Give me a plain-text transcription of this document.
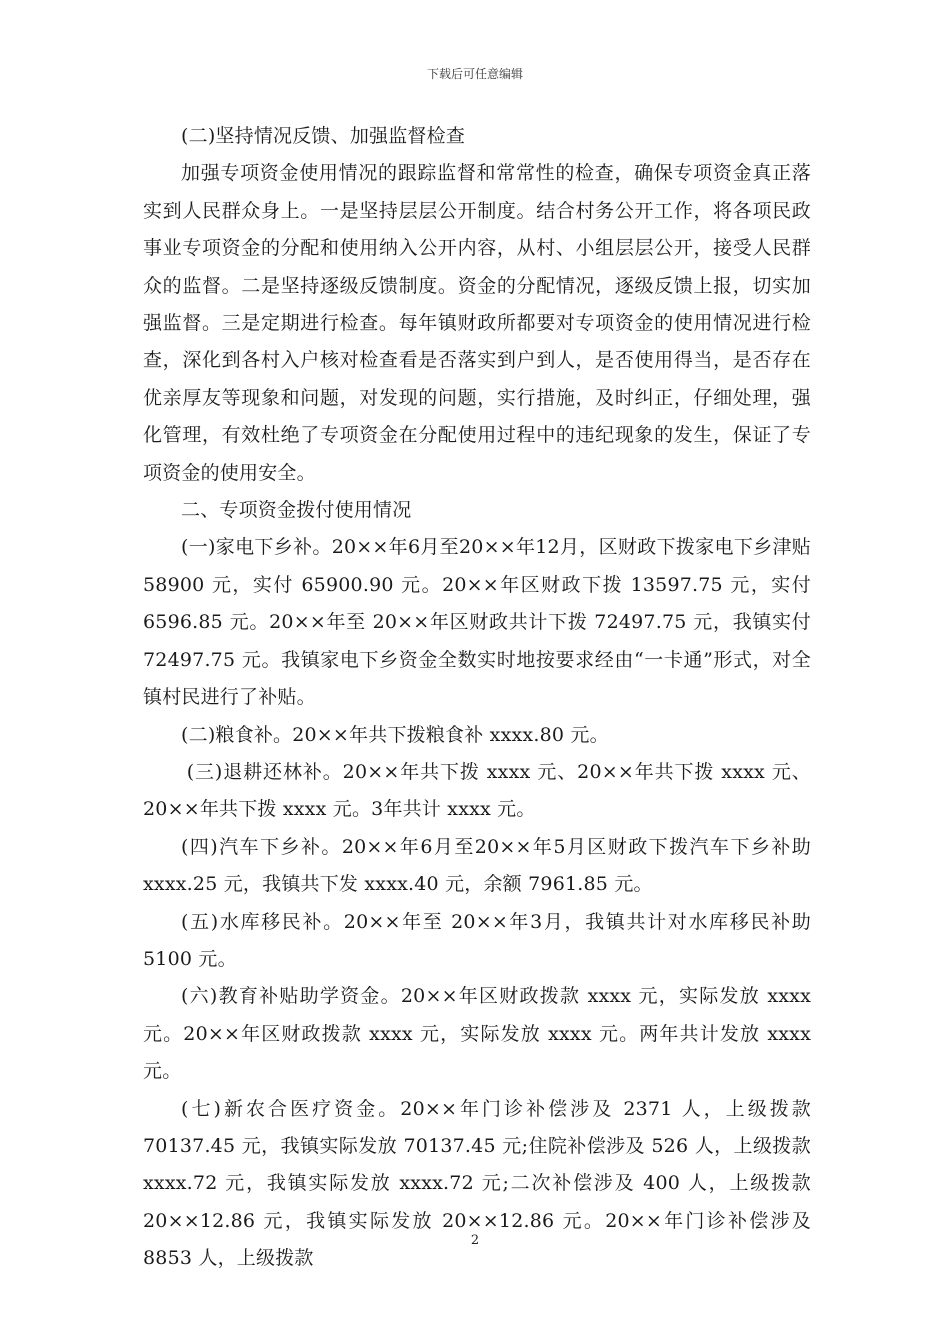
下载后可任意编辑

(二)坚持情况反馈、加强监督检查

加强专项资金使用情况的跟踪监督和常常性的检查，确保专项资金真正落实到人民群众身上。一是坚持层层公开制度。结合村务公开工作，将各项民政事业专项资金的分配和使用纳入公开内容，从村、小组层层公开，接受人民群众的监督。二是坚持逐级反馈制度。资金的分配情况，逐级反馈上报，切实加强监督。三是定期进行检查。每年镇财政所都要对专项资金的使用情况进行检查，深化到各村入户核对检查看是否落实到户到人，是否使用得当，是否存在优亲厚友等现象和问题，对发现的问题，实行措施，及时纠正，仔细处理，强化管理，有效杜绝了专项资金在分配使用过程中的违纪现象的发生，保证了专项资金的使用安全。

二、专项资金拨付使用情况

(一)家电下乡补。20××年6月至20××年12月，区财政下拨家电下乡津贴 58900 元，实付 65900.90 元。20××年区财政下拨 13597.75 元，实付 6596.85 元。20××年至 20××年区财政共计下拨 72497.75 元，我镇实付 72497.75 元。我镇家电下乡资金全数实时地按要求经由“一卡通”形式，对全镇村民进行了补贴。

(二)粮食补。20××年共下拨粮食补 xxxx.80 元。

(三)退耕还林补。20××年共下拨 xxxx 元、20××年共下拨 xxxx 元、20××年共下拨 xxxx 元。3年共计 xxxx 元。

(四)汽车下乡补。20××年6月至20××年5月区财政下拨汽车下乡补助 xxxx.25 元，我镇共下发 xxxx.40 元，余额 7961.85 元。

(五)水库移民补。20××年至 20××年3月，我镇共计对水库移民补助 5100 元。

(六)教育补贴助学资金。20××年区财政拨款 xxxx 元，实际发放 xxxx 元。20××年区财政拨款 xxxx 元，实际发放 xxxx 元。两年共计发放 xxxx 元。

(七)新农合医疗资金。20××年门诊补偿涉及 2371 人，上级拨款 70137.45 元，我镇实际发放 70137.45 元;住院补偿涉及 526 人，上级拨款 xxxx.72 元，我镇实际发放 xxxx.72 元;二次补偿涉及 400 人，上级拨款 20××12.86 元，我镇实际发放 20××12.86 元。20××年门诊补偿涉及 8853 人，上级拨款

2
